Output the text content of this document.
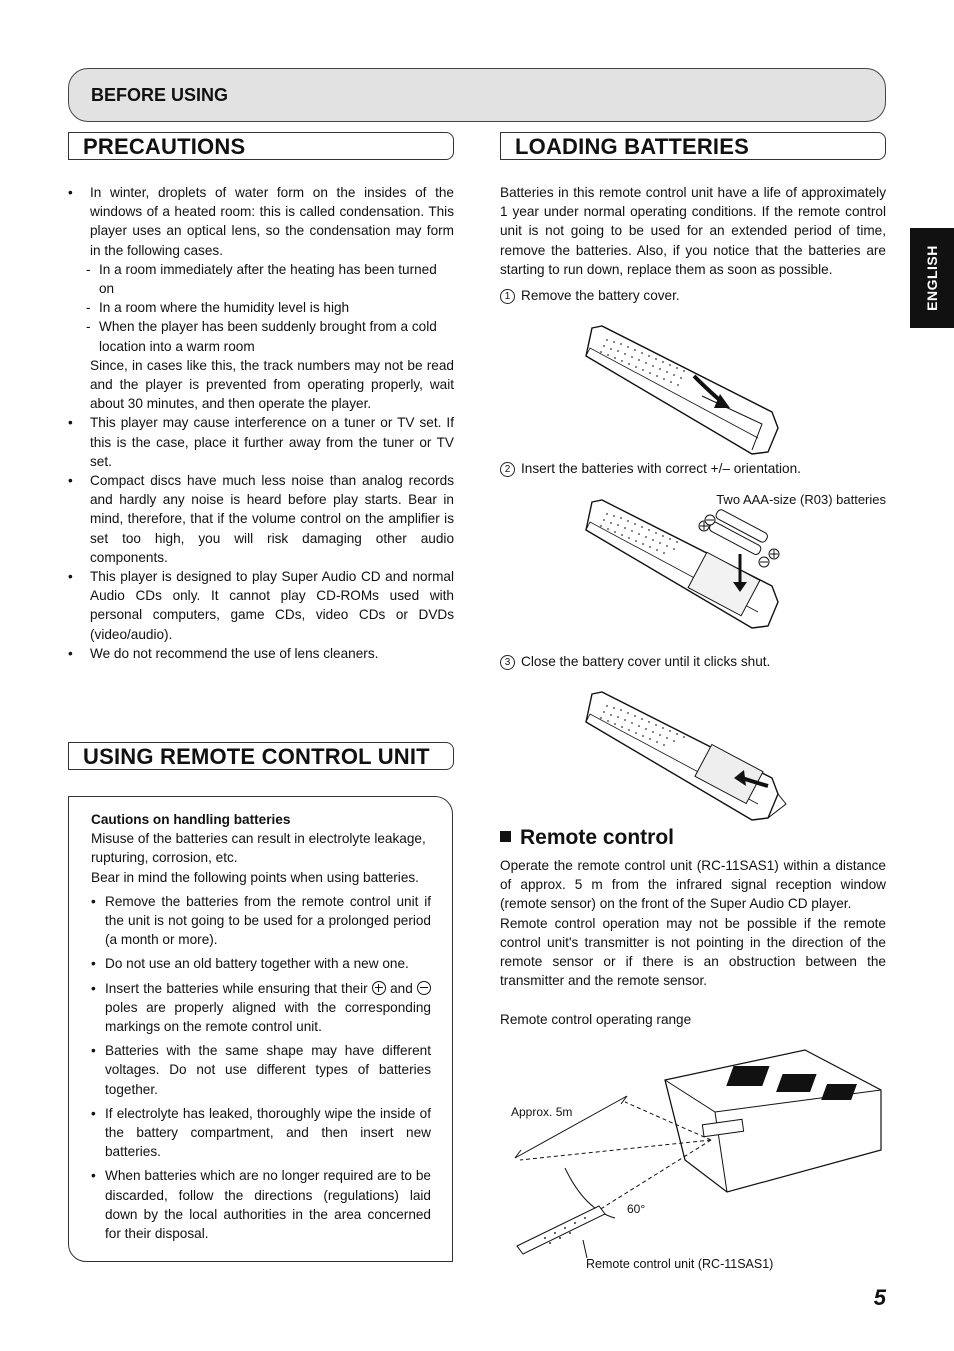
BEFORE USING
ENGLISH
PRECAUTIONS
• In winter, droplets of water form on the insides of the windows of a heated room: this is called condensation. This player uses an optical lens, so the condensation may form in the following cases.
- In a room immediately after the heating has been turned on
- In a room where the humidity level is high
- When the player has been suddenly brought from a cold location into a warm room
Since, in cases like this, the track numbers may not be read and the player is prevented from operating properly, wait about 30 minutes, and then operate the player.
• This player may cause interference on a tuner or TV set. If this is the case, place it further away from the tuner or TV set.
• Compact discs have much less noise than analog records and hardly any noise is heard before play starts. Bear in mind, therefore, that if the volume control on the amplifier is set too high, you will risk damaging other audio components.
• This player is designed to play Super Audio CD and normal Audio CDs only. It cannot play CD-ROMs used with personal computers, game CDs, video CDs or DVDs (video/audio).
• We do not recommend the use of lens cleaners.
USING REMOTE CONTROL UNIT
Cautions on handling batteries
Misuse of the batteries can result in electrolyte leakage, rupturing, corrosion, etc.
Bear in mind the following points when using batteries.
• Remove the batteries from the remote control unit if the unit is not going to be used for a prolonged period (a month or more).
• Do not use an old battery together with a new one.
• Insert the batteries while ensuring that their and  poles are properly aligned with the corresponding markings on the remote control unit.
• Batteries with the same shape may have different voltages. Do not use different types of batteries together.
• If electrolyte has leaked, thoroughly wipe the inside of the battery compartment, and then insert new batteries.
• When batteries which are no longer required are to be discarded, follow the directions (regulations) laid down by the local authorities in the area concerned for their disposal.
LOADING BATTERIES
Batteries in this remote control unit have a life of approximately 1 year under normal operating conditions. If the remote control unit is not going to be used for an extended period of time, remove the batteries. Also, if you notice that the batteries are starting to run down, replace them as soon as possible.
1 Remove the battery cover.
2 Insert the batteries with correct +/– orientation.
Two AAA-size (R03) batteries
3 Close the battery cover until it clicks shut.
Remote control
Operate the remote control unit (RC-11SAS1) within a distance of approx. 5 m from the infrared signal reception window (remote sensor) on the front of the Super Audio CD player.
Remote control operation may not be possible if the remote control unit's transmitter is not pointing in the direction of the remote sensor or if there is an obstruction between the transmitter and the remote sensor.
Remote control operating range
Approx. 5m
60°
Remote control unit (RC-11SAS1)
5
